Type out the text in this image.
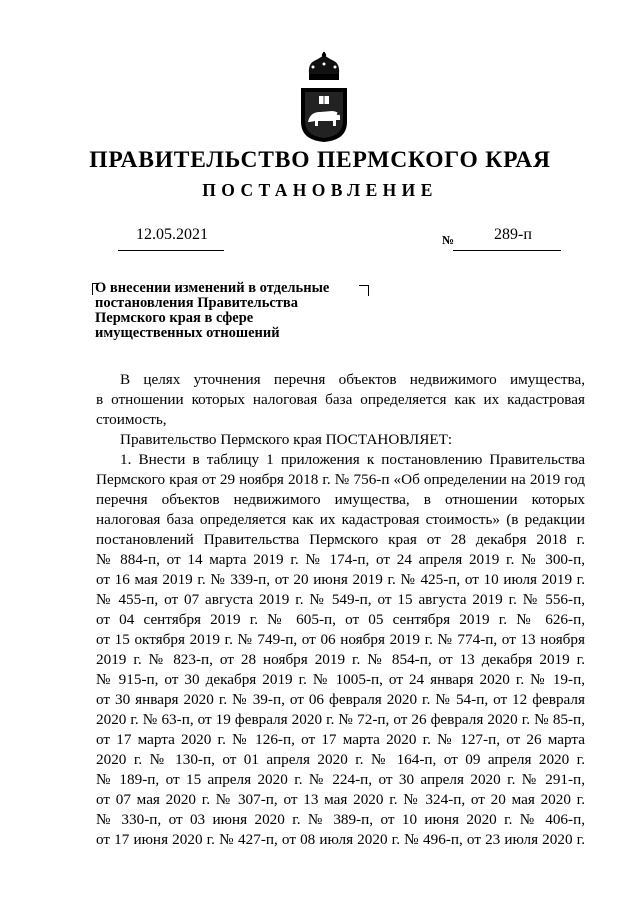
ПРАВИТЕЛЬСТВО ПЕРМСКОГО КРАЯ
ПОСТАНОВЛЕНИЕ
12.05.2021	№ 289-п
О внесении изменений в отдельные
постановления Правительства
Пермского края в сфере
имущественных отношений
В целях уточнения перечня объектов недвижимого имущества,
в отношении которых налоговая база определяется как их кадастровая
стоимость,
Правительство Пермского края ПОСТАНОВЛЯЕТ:
1. Внести в таблицу 1 приложения к постановлению Правительства
Пермского края от 29 ноября 2018 г. № 756-п «Об определении на 2019 год
перечня объектов недвижимого имущества, в отношении которых
налоговая база определяется как их кадастровая стоимость» (в редакции
постановлений Правительства Пермского края от 28 декабря 2018 г.
№ 884-п, от 14 марта 2019 г. № 174-п, от 24 апреля 2019 г. № 300-п,
от 16 мая 2019 г. № 339-п, от 20 июня 2019 г. № 425-п, от 10 июля 2019 г.
№ 455-п, от 07 августа 2019 г. № 549-п, от 15 августа 2019 г. № 556-п,
от 04 сентября 2019 г. № 605-п, от 05 сентября 2019 г. № 626-п,
от 15 октября 2019 г. № 749-п, от 06 ноября 2019 г. № 774-п, от 13 ноября
2019 г. № 823-п, от 28 ноября 2019 г. № 854-п, от 13 декабря 2019 г.
№ 915-п, от 30 декабря 2019 г. № 1005-п, от 24 января 2020 г. № 19-п,
от 30 января 2020 г. № 39-п, от 06 февраля 2020 г. № 54-п, от 12 февраля
2020 г. № 63-п, от 19 февраля 2020 г. № 72-п, от 26 февраля 2020 г. № 85-п,
от 17 марта 2020 г. № 126-п, от 17 марта 2020 г. № 127-п, от 26 марта
2020 г. № 130-п, от 01 апреля 2020 г. № 164-п, от 09 апреля 2020 г.
№ 189-п, от 15 апреля 2020 г. № 224-п, от 30 апреля 2020 г. № 291-п,
от 07 мая 2020 г. № 307-п, от 13 мая 2020 г. № 324-п, от 20 мая 2020 г.
№ 330-п, от 03 июня 2020 г. № 389-п, от 10 июня 2020 г. № 406-п,
от 17 июня 2020 г. № 427-п, от 08 июля 2020 г. № 496-п, от 23 июля 2020 г.
